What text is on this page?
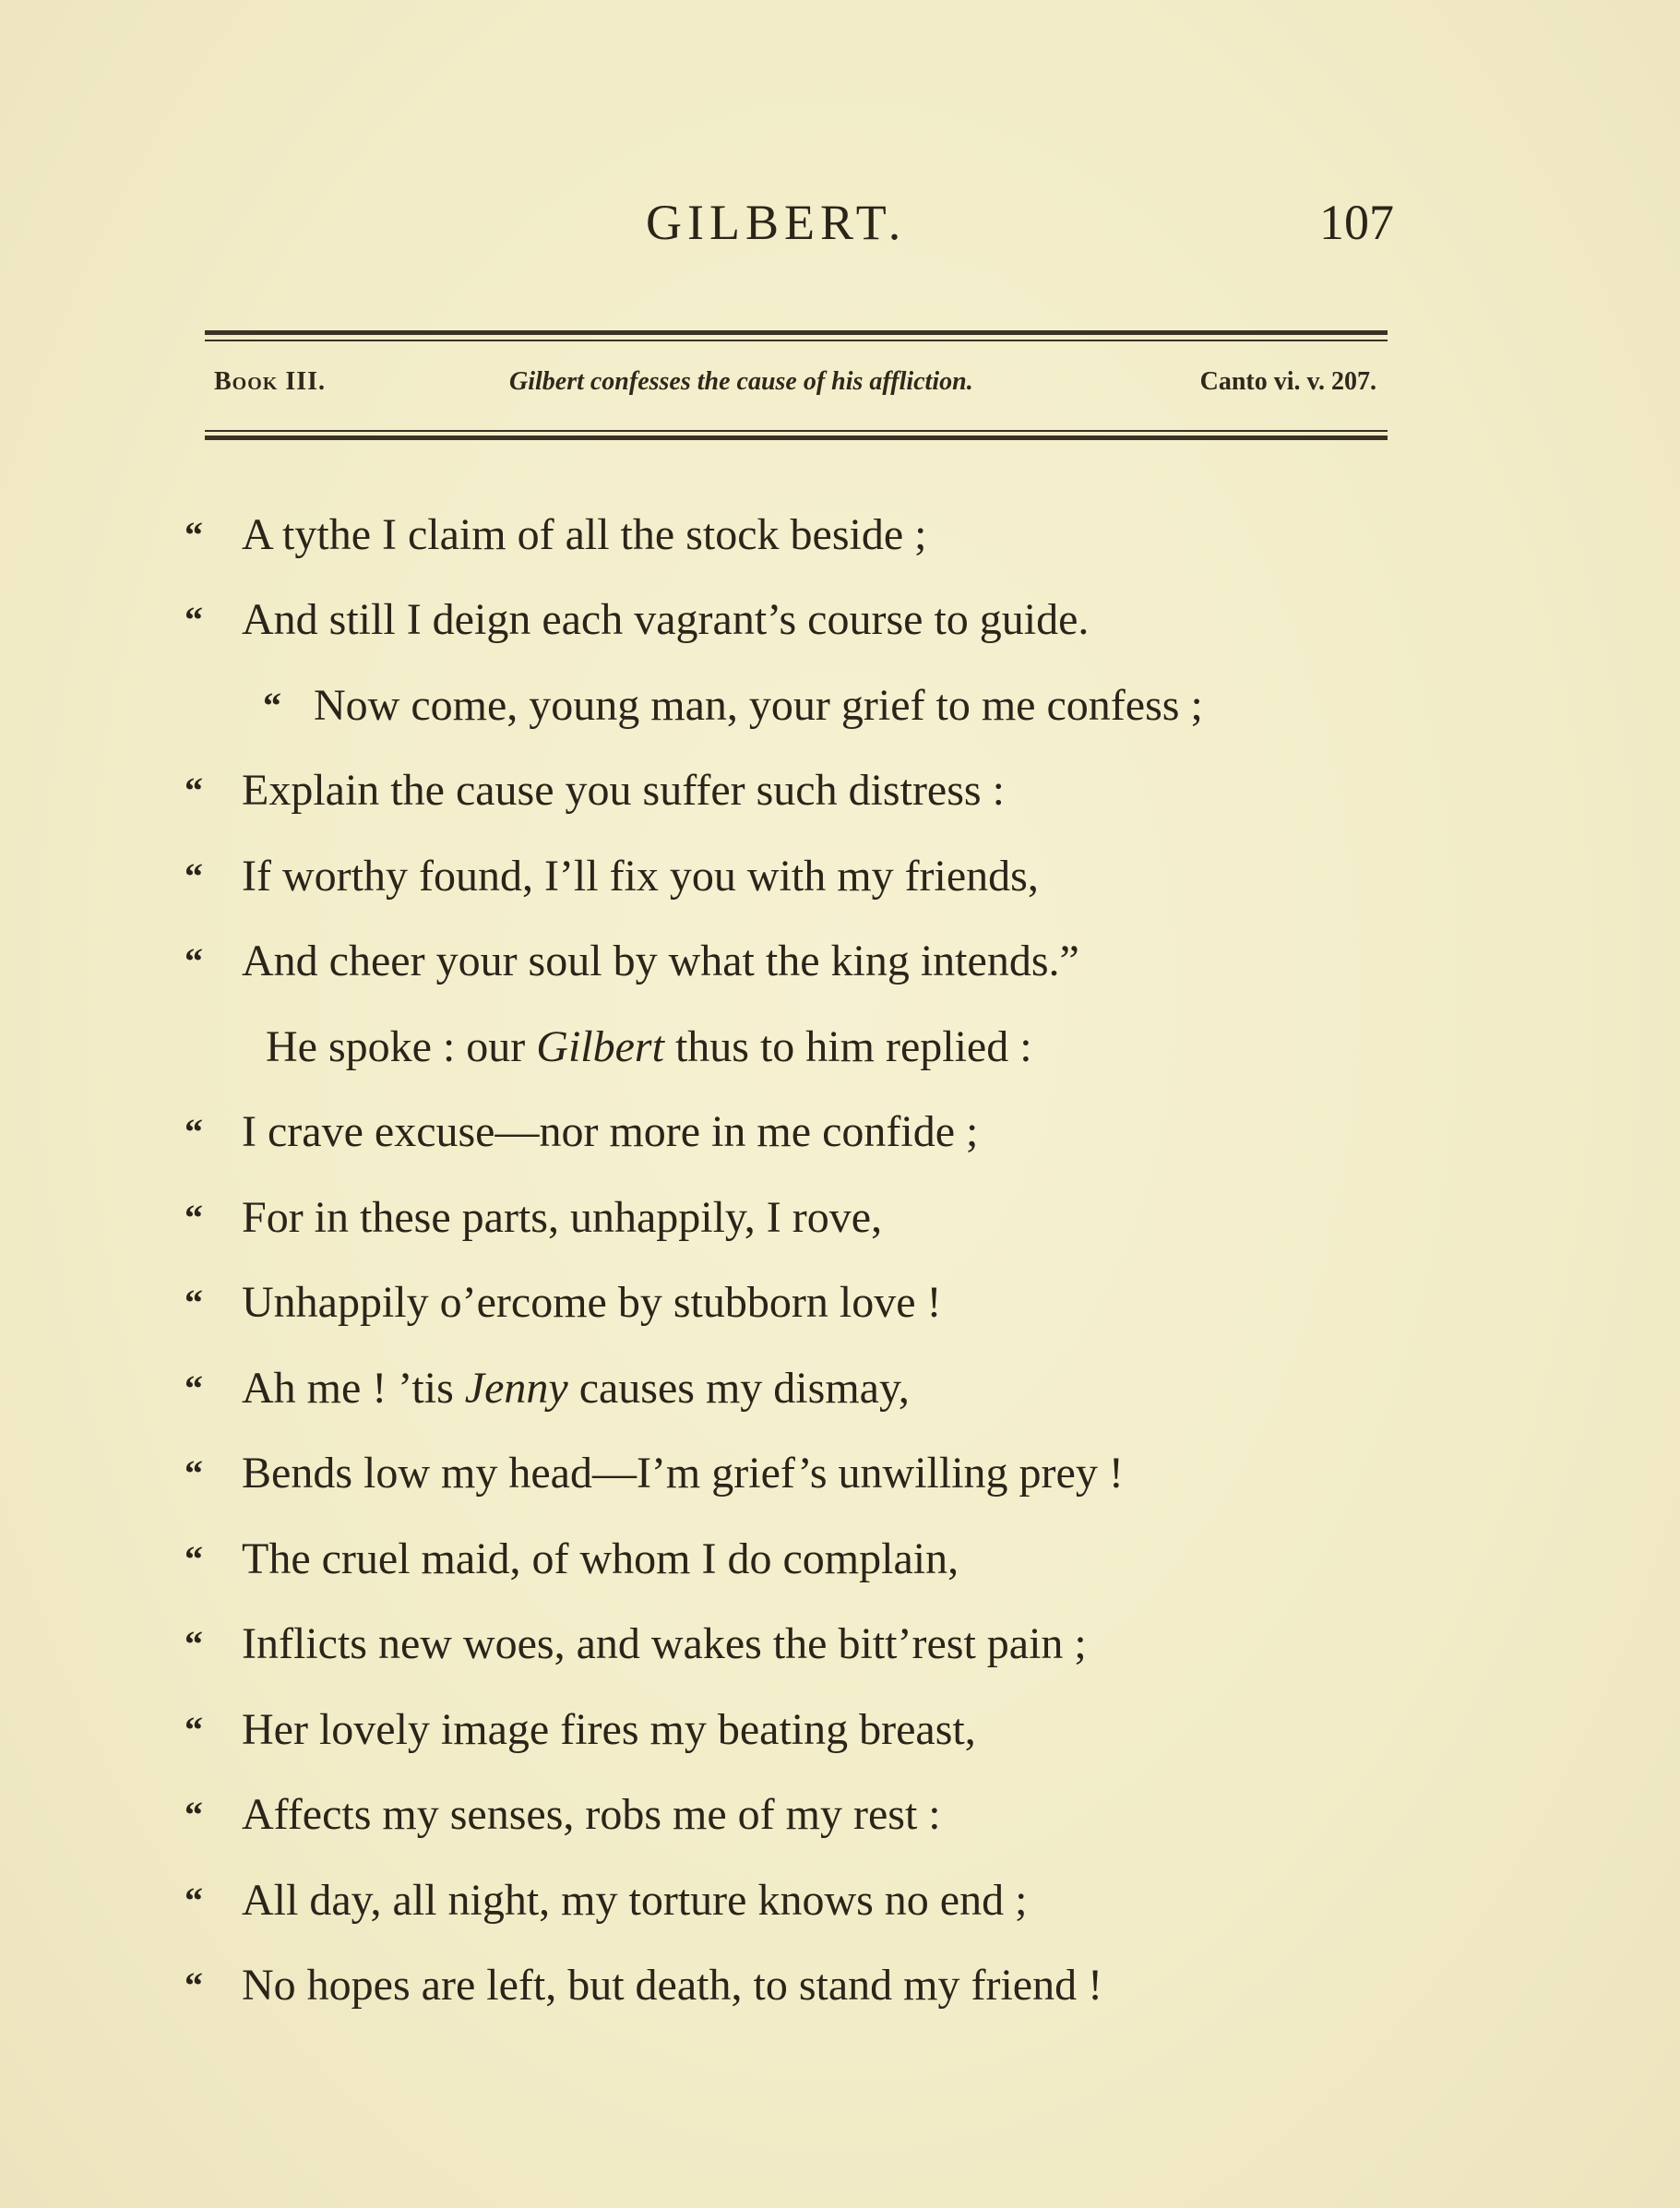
GILBERT.	107
Book III.	Gilbert confesses the cause of his affliction.	Canto vi. v. 207.
“ A tythe I claim of all the stock beside ;
“ And still I deign each vagrant’s course to guide.
“ Now come, young man, your grief to me confess ;
“ Explain the cause you suffer such distress :
“ If worthy found, I’ll fix you with my friends,
“ And cheer your soul by what the king intends.”
He spoke : our Gilbert thus to him replied :
“ I crave excuse—nor more in me confide ;
“ For in these parts, unhappily, I rove,
“ Unhappily o’ercome by stubborn love !
“ Ah me ! ’tis Jenny causes my dismay,
“ Bends low my head—I’m grief’s unwilling prey !
“ The cruel maid, of whom I do complain,
“ Inflicts new woes, and wakes the bitt’rest pain ;
“ Her lovely image fires my beating breast,
“ Affects my senses, robs me of my rest :
“ All day, all night, my torture knows no end ;
“ No hopes are left, but death, to stand my friend !
